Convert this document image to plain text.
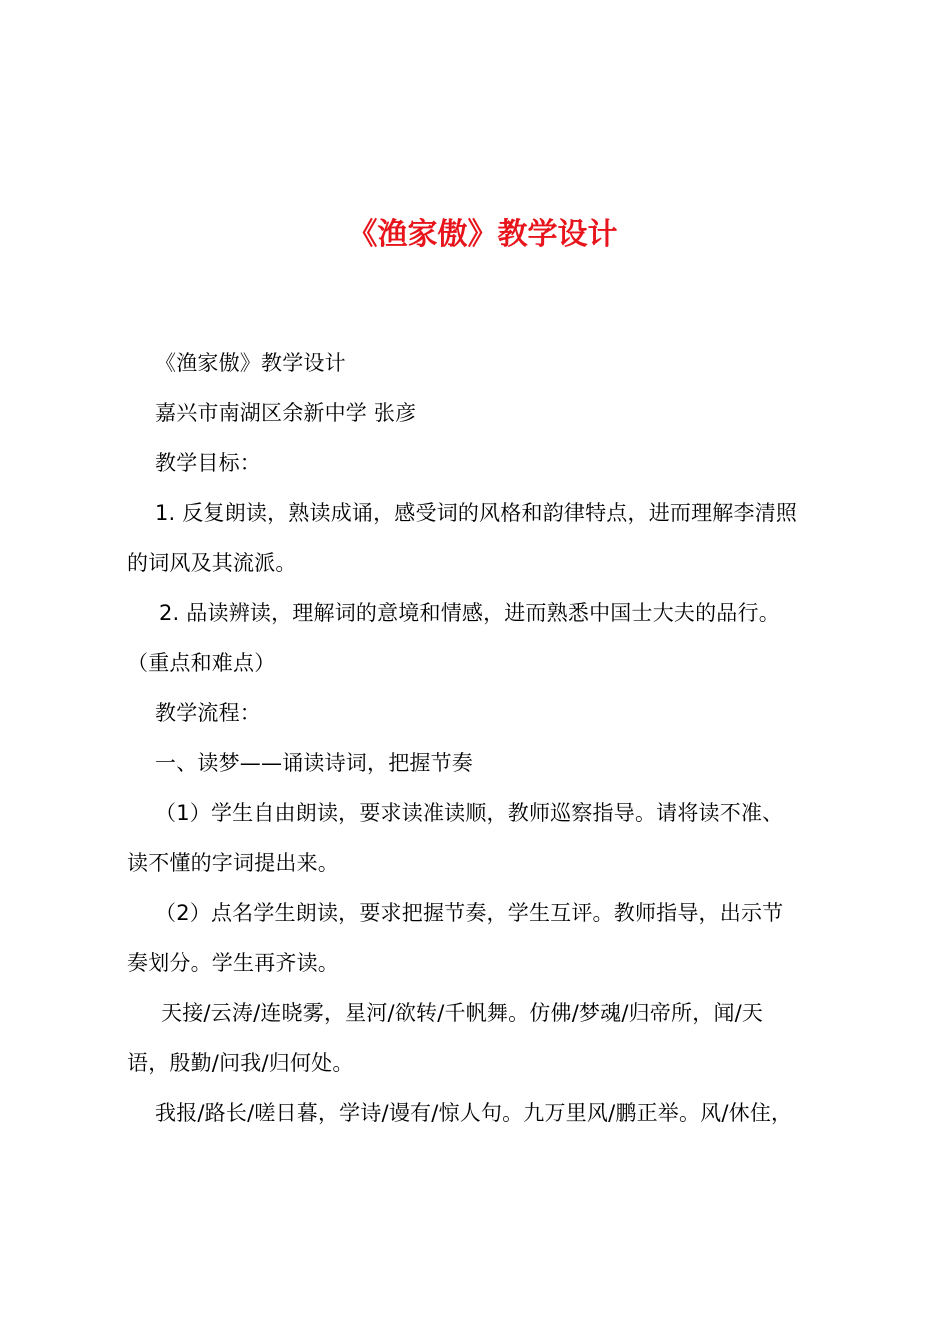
《渔家傲》教学设计
《渔家傲》教学设计
嘉兴市南湖区余新中学 张彦
教学目标：
1. 反复朗读，熟读成诵，感受词的风格和韵律特点，进而理解李清照
的词风及其流派。
2. 品读辨读，理解词的意境和情感，进而熟悉中国士大夫的品行。
（重点和难点）
教学流程：
一、读梦——诵读诗词，把握节奏
（1）学生自由朗读，要求读准读顺，教师巡察指导。请将读不准、
读不懂的字词提出来。
（2）点名学生朗读，要求把握节奏，学生互评。教师指导，出示节
奏划分。学生再齐读。
天接/云涛/连晓雾，星河/欲转/千帆舞。仿佛/梦魂/归帝所，闻/天
语，殷勤/问我/归何处。
我报/路长/嗟日暮，学诗/谩有/惊人句。九万里风/鹏正举。风/休住，
